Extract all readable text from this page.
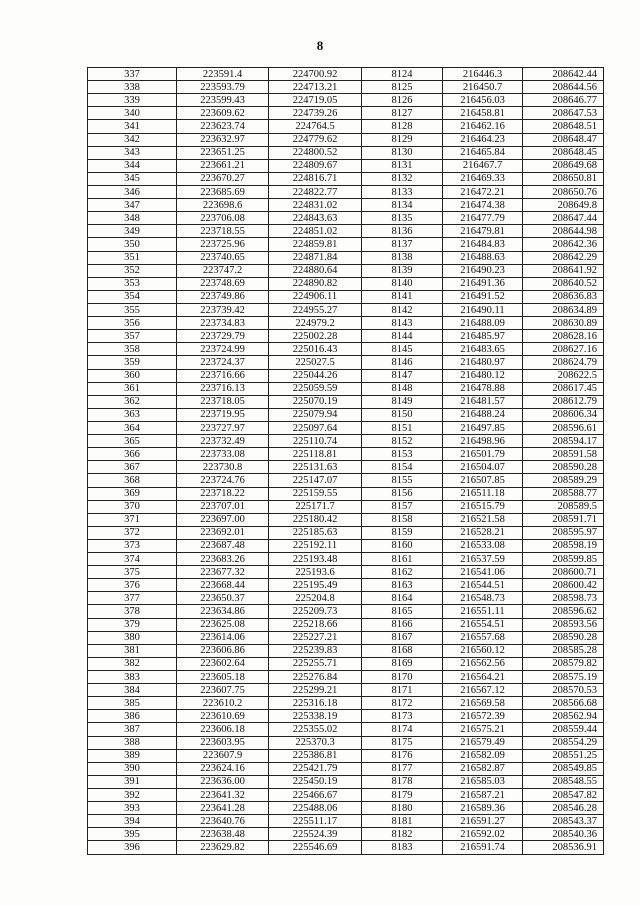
8
337	223591.4	224700.92	8124	216446.3	208642.44
338	223593.79	224713.21	8125	216450.7	208644.56
339	223599.43	224719.05	8126	216456.03	208646.77
340	223609.62	224739.26	8127	216458.81	208647.53
341	223623.74	224764.5	8128	216462.16	208648.51
342	223632.97	224779.62	8129	216464.23	208648.47
343	223651.25	224800.52	8130	216465.84	208648.45
344	223661.21	224809.67	8131	216467.7	208649.68
345	223670.27	224816.71	8132	216469.33	208650.81
346	223685.69	224822.77	8133	216472.21	208650.76
347	223698.6	224831.02	8134	216474.38	208649.8
348	223706.08	224843.63	8135	216477.79	208647.44
349	223718.55	224851.02	8136	216479.81	208644.98
350	223725.96	224859.81	8137	216484.83	208642.36
351	223740.65	224871.84	8138	216488.63	208642.29
352	223747.2	224880.64	8139	216490.23	208641.92
353	223748.69	224890.82	8140	216491.36	208640.52
354	223749.86	224906.11	8141	216491.52	208636.83
355	223739.42	224955.27	8142	216490.11	208634.89
356	223734.83	224979.2	8143	216488.09	208630.89
357	223729.79	225002.28	8144	216485.97	208628.16
358	223724.99	225016.43	8145	216483.65	208627.16
359	223724.37	225027.5	8146	216480.97	208624.79
360	223716.66	225044.26	8147	216480.12	208622.5
361	223716.13	225059.59	8148	216478.88	208617.45
362	223718.05	225070.19	8149	216481.57	208612.79
363	223719.95	225079.94	8150	216488.24	208606.34
364	223727.97	225097.64	8151	216497.85	208596.61
365	223732.49	225110.74	8152	216498.96	208594.17
366	223733.08	225118.81	8153	216501.79	208591.58
367	223730.8	225131.63	8154	216504.07	208590.28
368	223724.76	225147.07	8155	216507.85	208589.29
369	223718.22	225159.55	8156	216511.18	208588.77
370	223707.01	225171.7	8157	216515.79	208589.5
371	223697.00	225180.42	8158	216521.58	208591.71
372	223692.01	225185.63	8159	216528.21	208595.97
373	223687.48	225192.11	8160	216533.08	208598.19
374	223683.26	225193.48	8161	216537.59	208599.85
375	223677.32	225193.6	8162	216541.06	208600.71
376	223668.44	225195.49	8163	216544.51	208600.42
377	223650.37	225204.8	8164	216548.73	208598.73
378	223634.86	225209.73	8165	216551.11	208596.62
379	223625.08	225218.66	8166	216554.51	208593.56
380	223614.06	225227.21	8167	216557.68	208590.28
381	223606.86	225239.83	8168	216560.12	208585.28
382	223602.64	225255.71	8169	216562.56	208579.82
383	223605.18	225276.84	8170	216564.21	208575.19
384	223607.75	225299.21	8171	216567.12	208570.53
385	223610.2	225316.18	8172	216569.58	208566.68
386	223610.69	225338.19	8173	216572.39	208562.94
387	223606.18	225355.02	8174	216575.21	208559.44
388	223603.95	225370.3	8175	216579.49	208554.29
389	223607.9	225386.81	8176	216582.09	208551.25
390	223624.16	225421.79	8177	216582.87	208549.85
391	223636.00	225450.19	8178	216585.03	208548.55
392	223641.32	225466.67	8179	216587.21	208547.82
393	223641.28	225488.06	8180	216589.36	208546.28
394	223640.76	225511.17	8181	216591.27	208543.37
395	223638.48	225524.39	8182	216592.02	208540.36
396	223629.82	225546.69	8183	216591.74	208536.91
